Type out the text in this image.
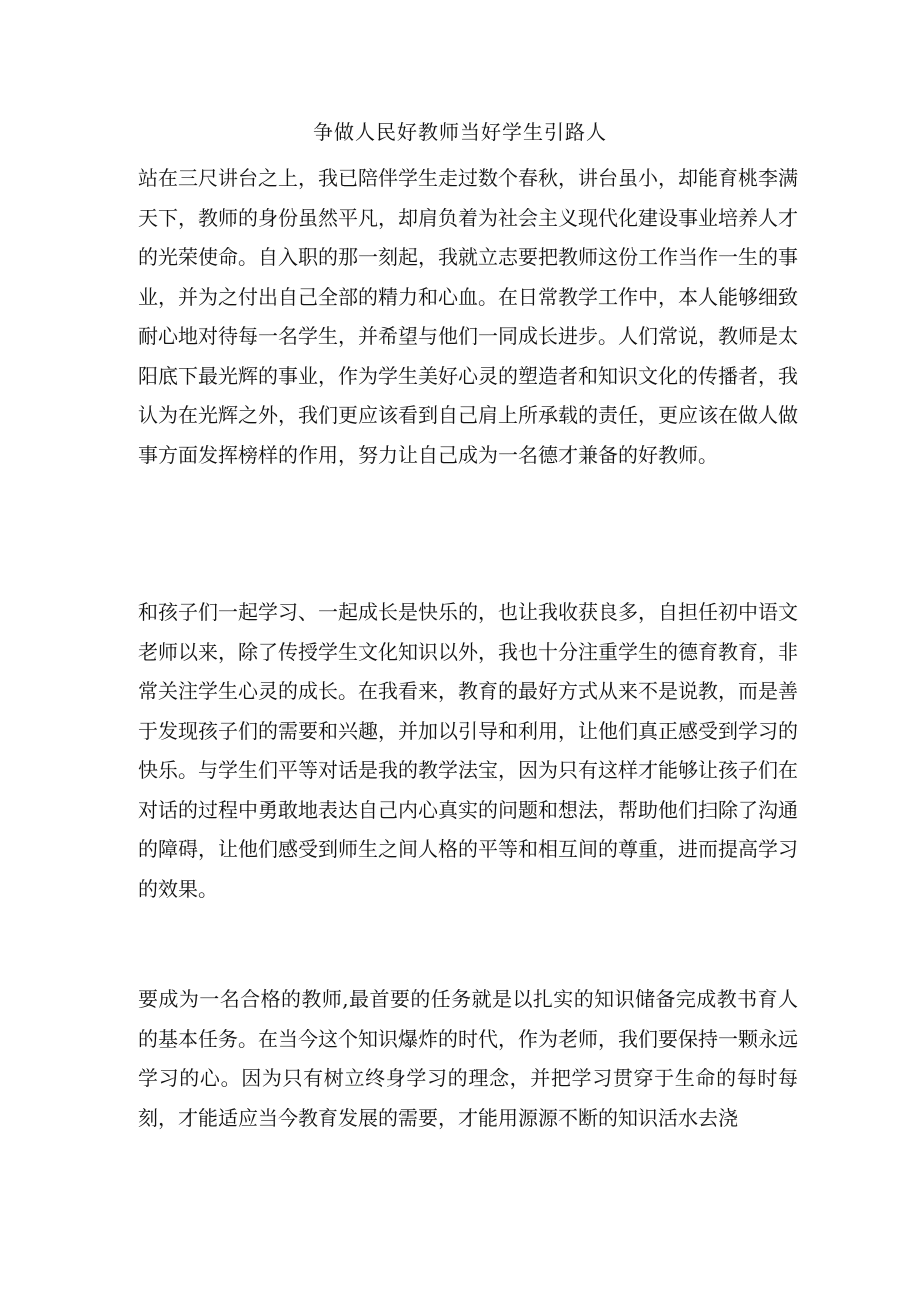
争做人民好教师当好学生引路人

站在三尺讲台之上，我已陪伴学生走过数个春秋，讲台虽小，却能育桃李满天下，教师的身份虽然平凡，却肩负着为社会主义现代化建设事业培养人才的光荣使命。自入职的那一刻起，我就立志要把教师这份工作当作一生的事业，并为之付出自己全部的精力和心血。在日常教学工作中，本人能够细致耐心地对待每一名学生，并希望与他们一同成长进步。人们常说，教师是太阳底下最光辉的事业，作为学生美好心灵的塑造者和知识文化的传播者，我认为在光辉之外，我们更应该看到自己肩上所承载的责任，更应该在做人做事方面发挥榜样的作用，努力让自己成为一名德才兼备的好教师。

和孩子们一起学习、一起成长是快乐的，也让我收获良多，自担任初中语文老师以来，除了传授学生文化知识以外，我也十分注重学生的德育教育，非常关注学生心灵的成长。在我看来，教育的最好方式从来不是说教，而是善于发现孩子们的需要和兴趣，并加以引导和利用，让他们真正感受到学习的快乐。与学生们平等对话是我的教学法宝，因为只有这样才能够让孩子们在对话的过程中勇敢地表达自己内心真实的问题和想法，帮助他们扫除了沟通的障碍，让他们感受到师生之间人格的平等和相互间的尊重，进而提高学习的效果。

要成为一名合格的教师,最首要的任务就是以扎实的知识储备完成教书育人的基本任务。在当今这个知识爆炸的时代，作为老师，我们要保持一颗永远学习的心。因为只有树立终身学习的理念，并把学习贯穿于生命的每时每刻，才能适应当今教育发展的需要，才能用源源不断的知识活水去浇
